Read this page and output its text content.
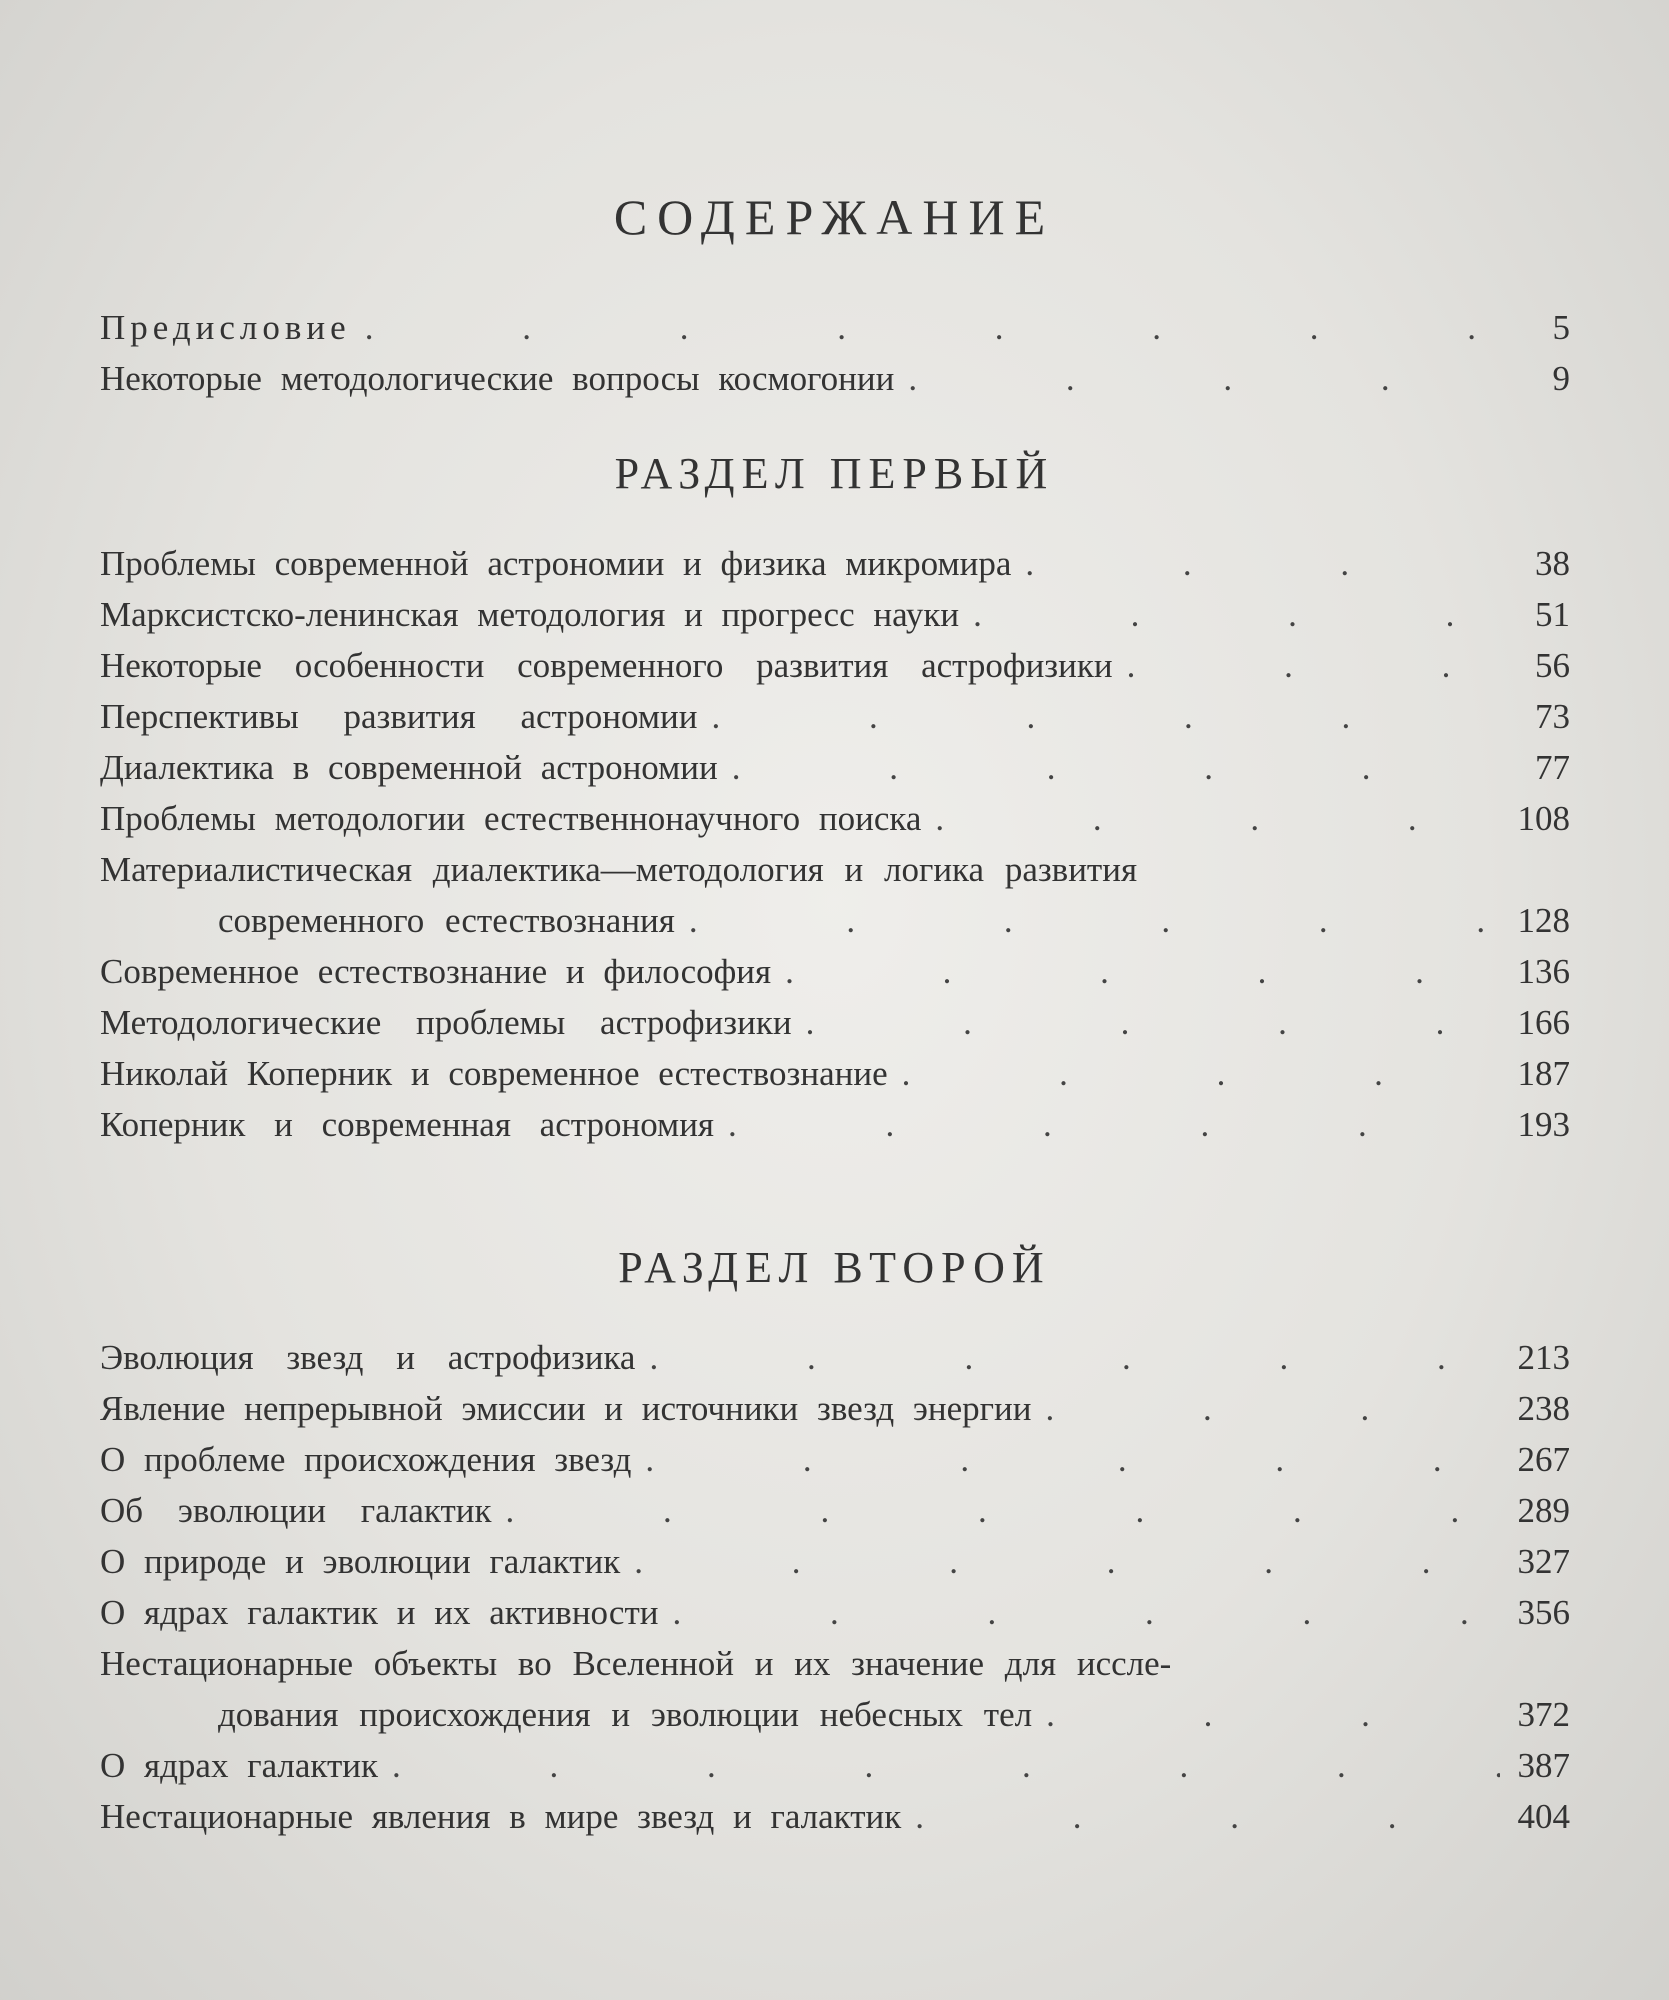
СОДЕРЖАНИЕ
Предисловие . . .	5
Некоторые методологические вопросы космогонии . . .	9
РАЗДЕЛ ПЕРВЫЙ
Проблемы современной астрономии и физика микромира . . .	38
Марксистско-ленинская методология и прогресс науки . . .	51
Некоторые особенности современного развития астрофизики . . .	56
Перспективы развития астрономии . . .	73
Диалектика в современной астрономии . . .	77
Проблемы методологии естественнонаучного поиска . . .	108
Материалистическая диалектика—методология и логика развития
современного естествознания . . .	128
Современное естествознание и философия . . .	136
Методологические проблемы астрофизики . . .	166
Николай Коперник и современное естествознание . . .	187
Коперник и современная астрономия . . .	193
РАЗДЕЛ ВТОРОЙ
Эволюция звезд и астрофизика . . .	213
Явление непрерывной эмиссии и источники звезд энергии . . .	238
О проблеме происхождения звезд . . .	267
Об эволюции галактик . . .	289
О природе и эволюции галактик . . .	327
О ядрах галактик и их активности . . .	356
Нестационарные объекты во Вселенной и их значение для иссле-
дования происхождения и эволюции небесных тел . . .	372
О ядрах галактик . . .	387
Нестационарные явления в мире звезд и галактик . . .	404
